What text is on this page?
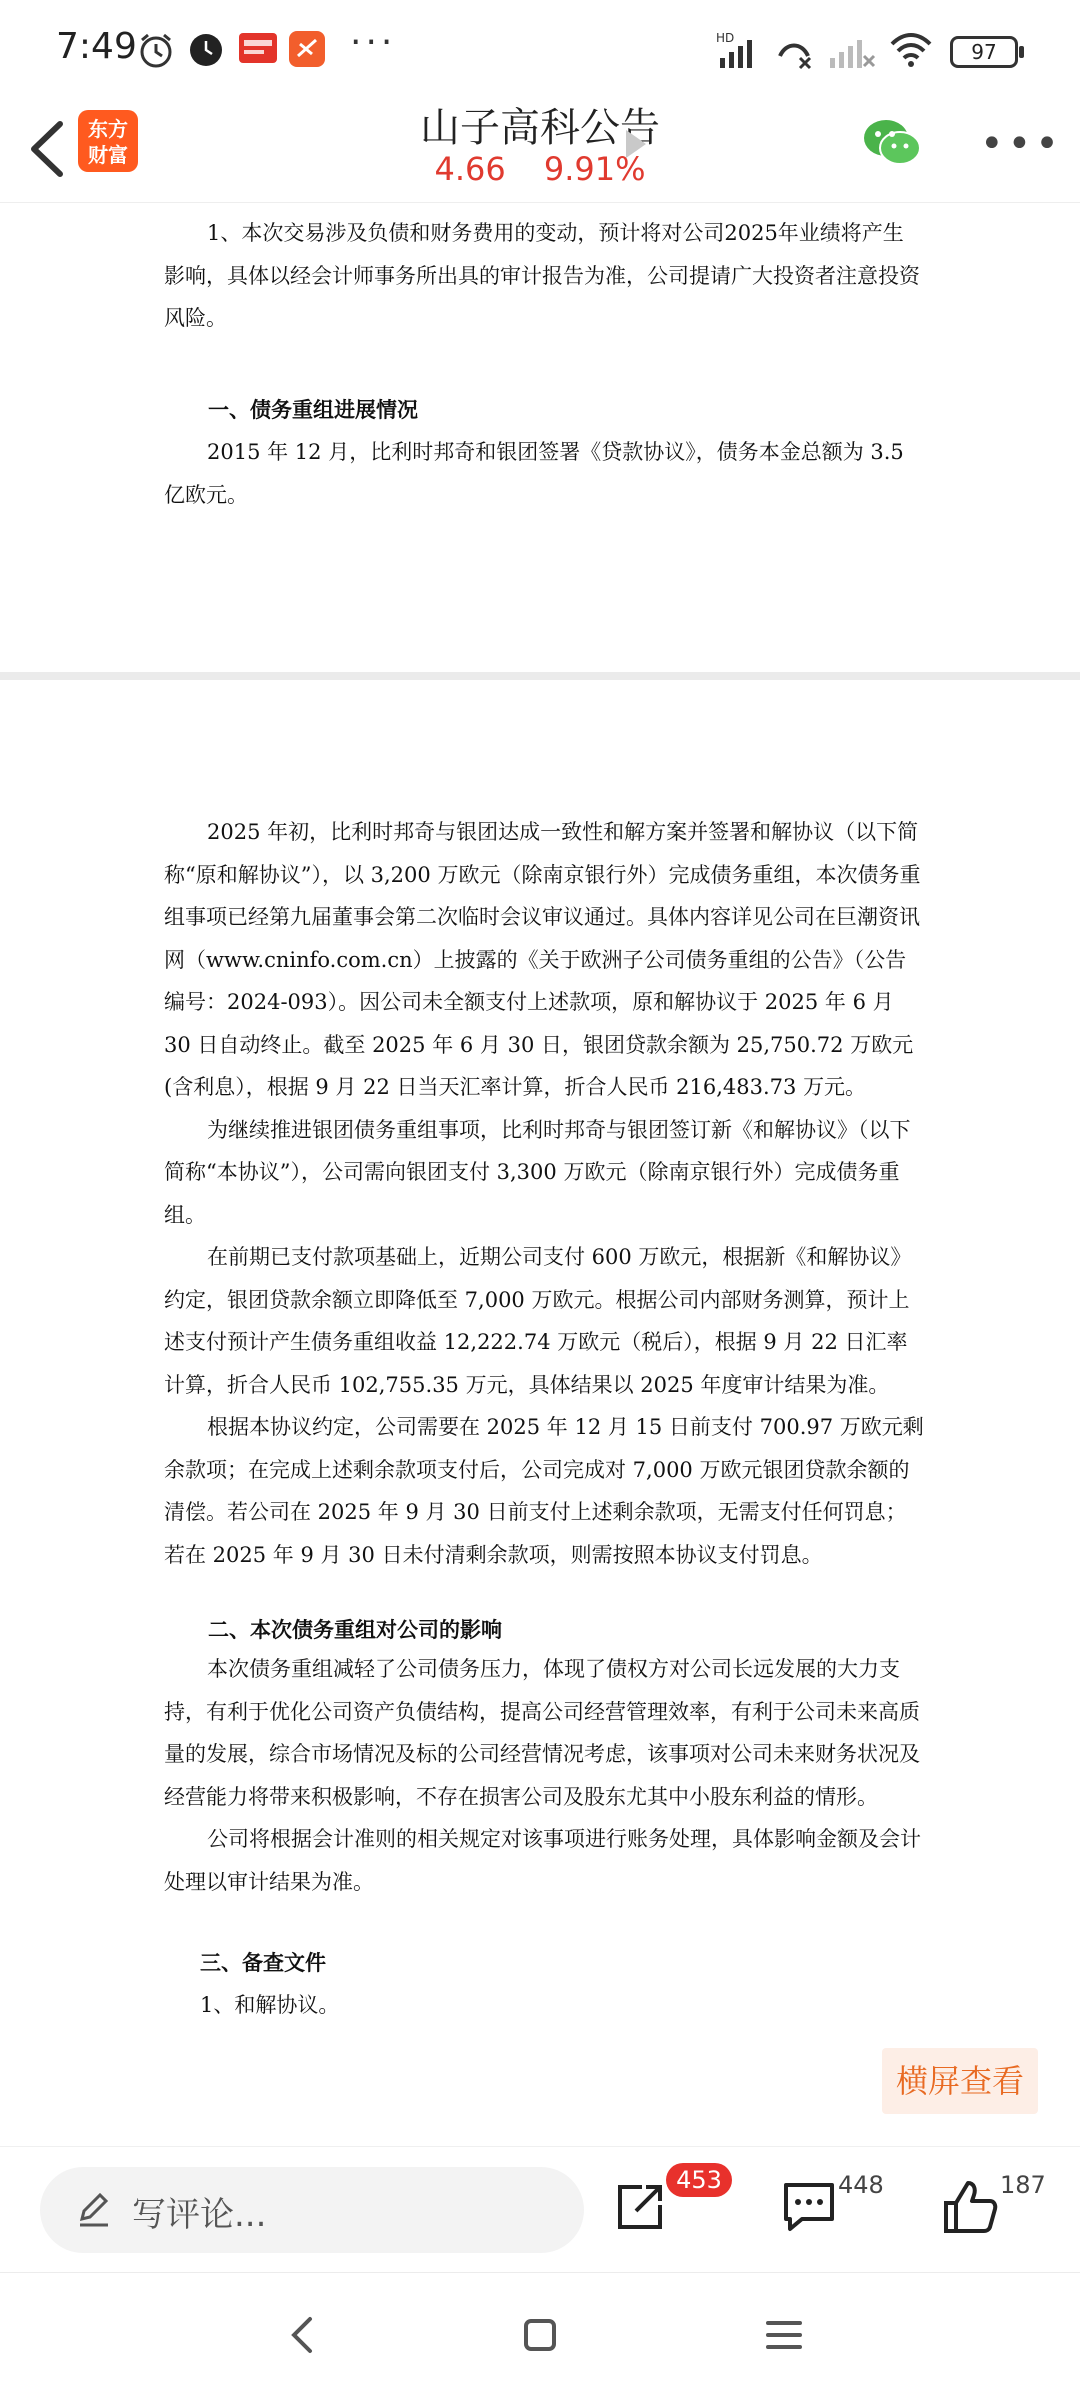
7:49	···	HD
97
东方
财富
山子高科公告
4.66 9.91%
•••

1、本次交易涉及负债和财务费用的变动，预计将对公司2025年业绩将产生影响，具体以经会计师事务所出具的审计报告为准，公司提请广大投资者注意投资风险。

一、债务重组进展情况

2015 年 12 月，比利时邦奇和银团签署《贷款协议》，债务本金总额为 3.5 亿欧元。

2025 年初，比利时邦奇与银团达成一致性和解方案并签署和解协议（以下简称“原和解协议”），以 3,200 万欧元（除南京银行外）完成债务重组，本次债务重组事项已经第九届董事会第二次临时会议审议通过。具体内容详见公司在巨潮资讯网（www.cninfo.com.cn）上披露的《关于欧洲子公司债务重组的公告》（公告编号：2024-093）。因公司未全额支付上述款项，原和解协议于 2025 年 6 月 30 日自动终止。截至 2025 年 6 月 30 日，银团贷款余额为 25,750.72 万欧元(含利息），根据 9 月 22 日当天汇率计算，折合人民币 216,483.73 万元。

为继续推进银团债务重组事项，比利时邦奇与银团签订新《和解协议》（以下简称“本协议”），公司需向银团支付 3,300 万欧元（除南京银行外）完成债务重组。

在前期已支付款项基础上，近期公司支付 600 万欧元，根据新《和解协议》约定，银团贷款余额立即降低至 7,000 万欧元。根据公司内部财务测算，预计上述支付预计产生债务重组收益 12,222.74 万欧元（税后），根据 9 月 22 日汇率计算，折合人民币 102,755.35 万元，具体结果以 2025 年度审计结果为准。

根据本协议约定，公司需要在 2025 年 12 月 15 日前支付 700.97 万欧元剩余款项；在完成上述剩余款项支付后，公司完成对 7,000 万欧元银团贷款余额的清偿。若公司在 2025 年 9 月 30 日前支付上述剩余款项，无需支付任何罚息；若在 2025 年 9 月 30 日未付清剩余款项，则需按照本协议支付罚息。

二、本次债务重组对公司的影响

本次债务重组减轻了公司债务压力，体现了债权方对公司长远发展的大力支持，有利于优化公司资产负债结构，提高公司经营管理效率，有利于公司未来高质量的发展，综合市场情况及标的公司经营情况考虑，该事项对公司未来财务状况及经营能力将带来积极影响，不存在损害公司及股东尤其中小股东利益的情形。

公司将根据会计准则的相关规定对该事项进行账务处理，具体影响金额及会计处理以审计结果为准。

三、备查文件
1、和解协议。
横屏查看
写评论...
453	448	187
